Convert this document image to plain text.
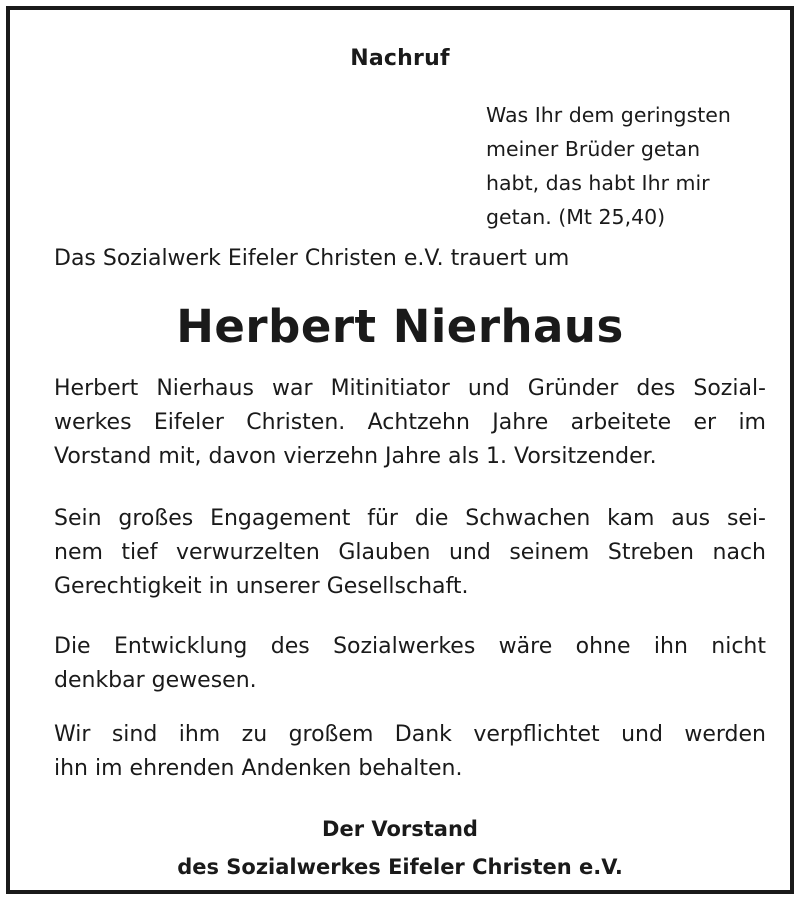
Nachruf
Was Ihr dem geringsten
meiner Brüder getan
habt, das habt Ihr mir
getan. (Mt 25,40)
Das Sozialwerk Eifeler Christen e.V. trauert um
Herbert Nierhaus
Herbert Nierhaus war Mitinitiator und Gründer des Sozial-
werkes Eifeler Christen. Achtzehn Jahre arbeitete er im
Vorstand mit, davon vierzehn Jahre als 1. Vorsitzender.
Sein großes Engagement für die Schwachen kam aus sei-
nem tief verwurzelten Glauben und seinem Streben nach
Gerechtigkeit in unserer Gesellschaft.
Die Entwicklung des Sozialwerkes wäre ohne ihn nicht
denkbar gewesen.
Wir sind ihm zu großem Dank verpflichtet und werden
ihn im ehrenden Andenken behalten.
Der Vorstand
des Sozialwerkes Eifeler Christen e.V.
